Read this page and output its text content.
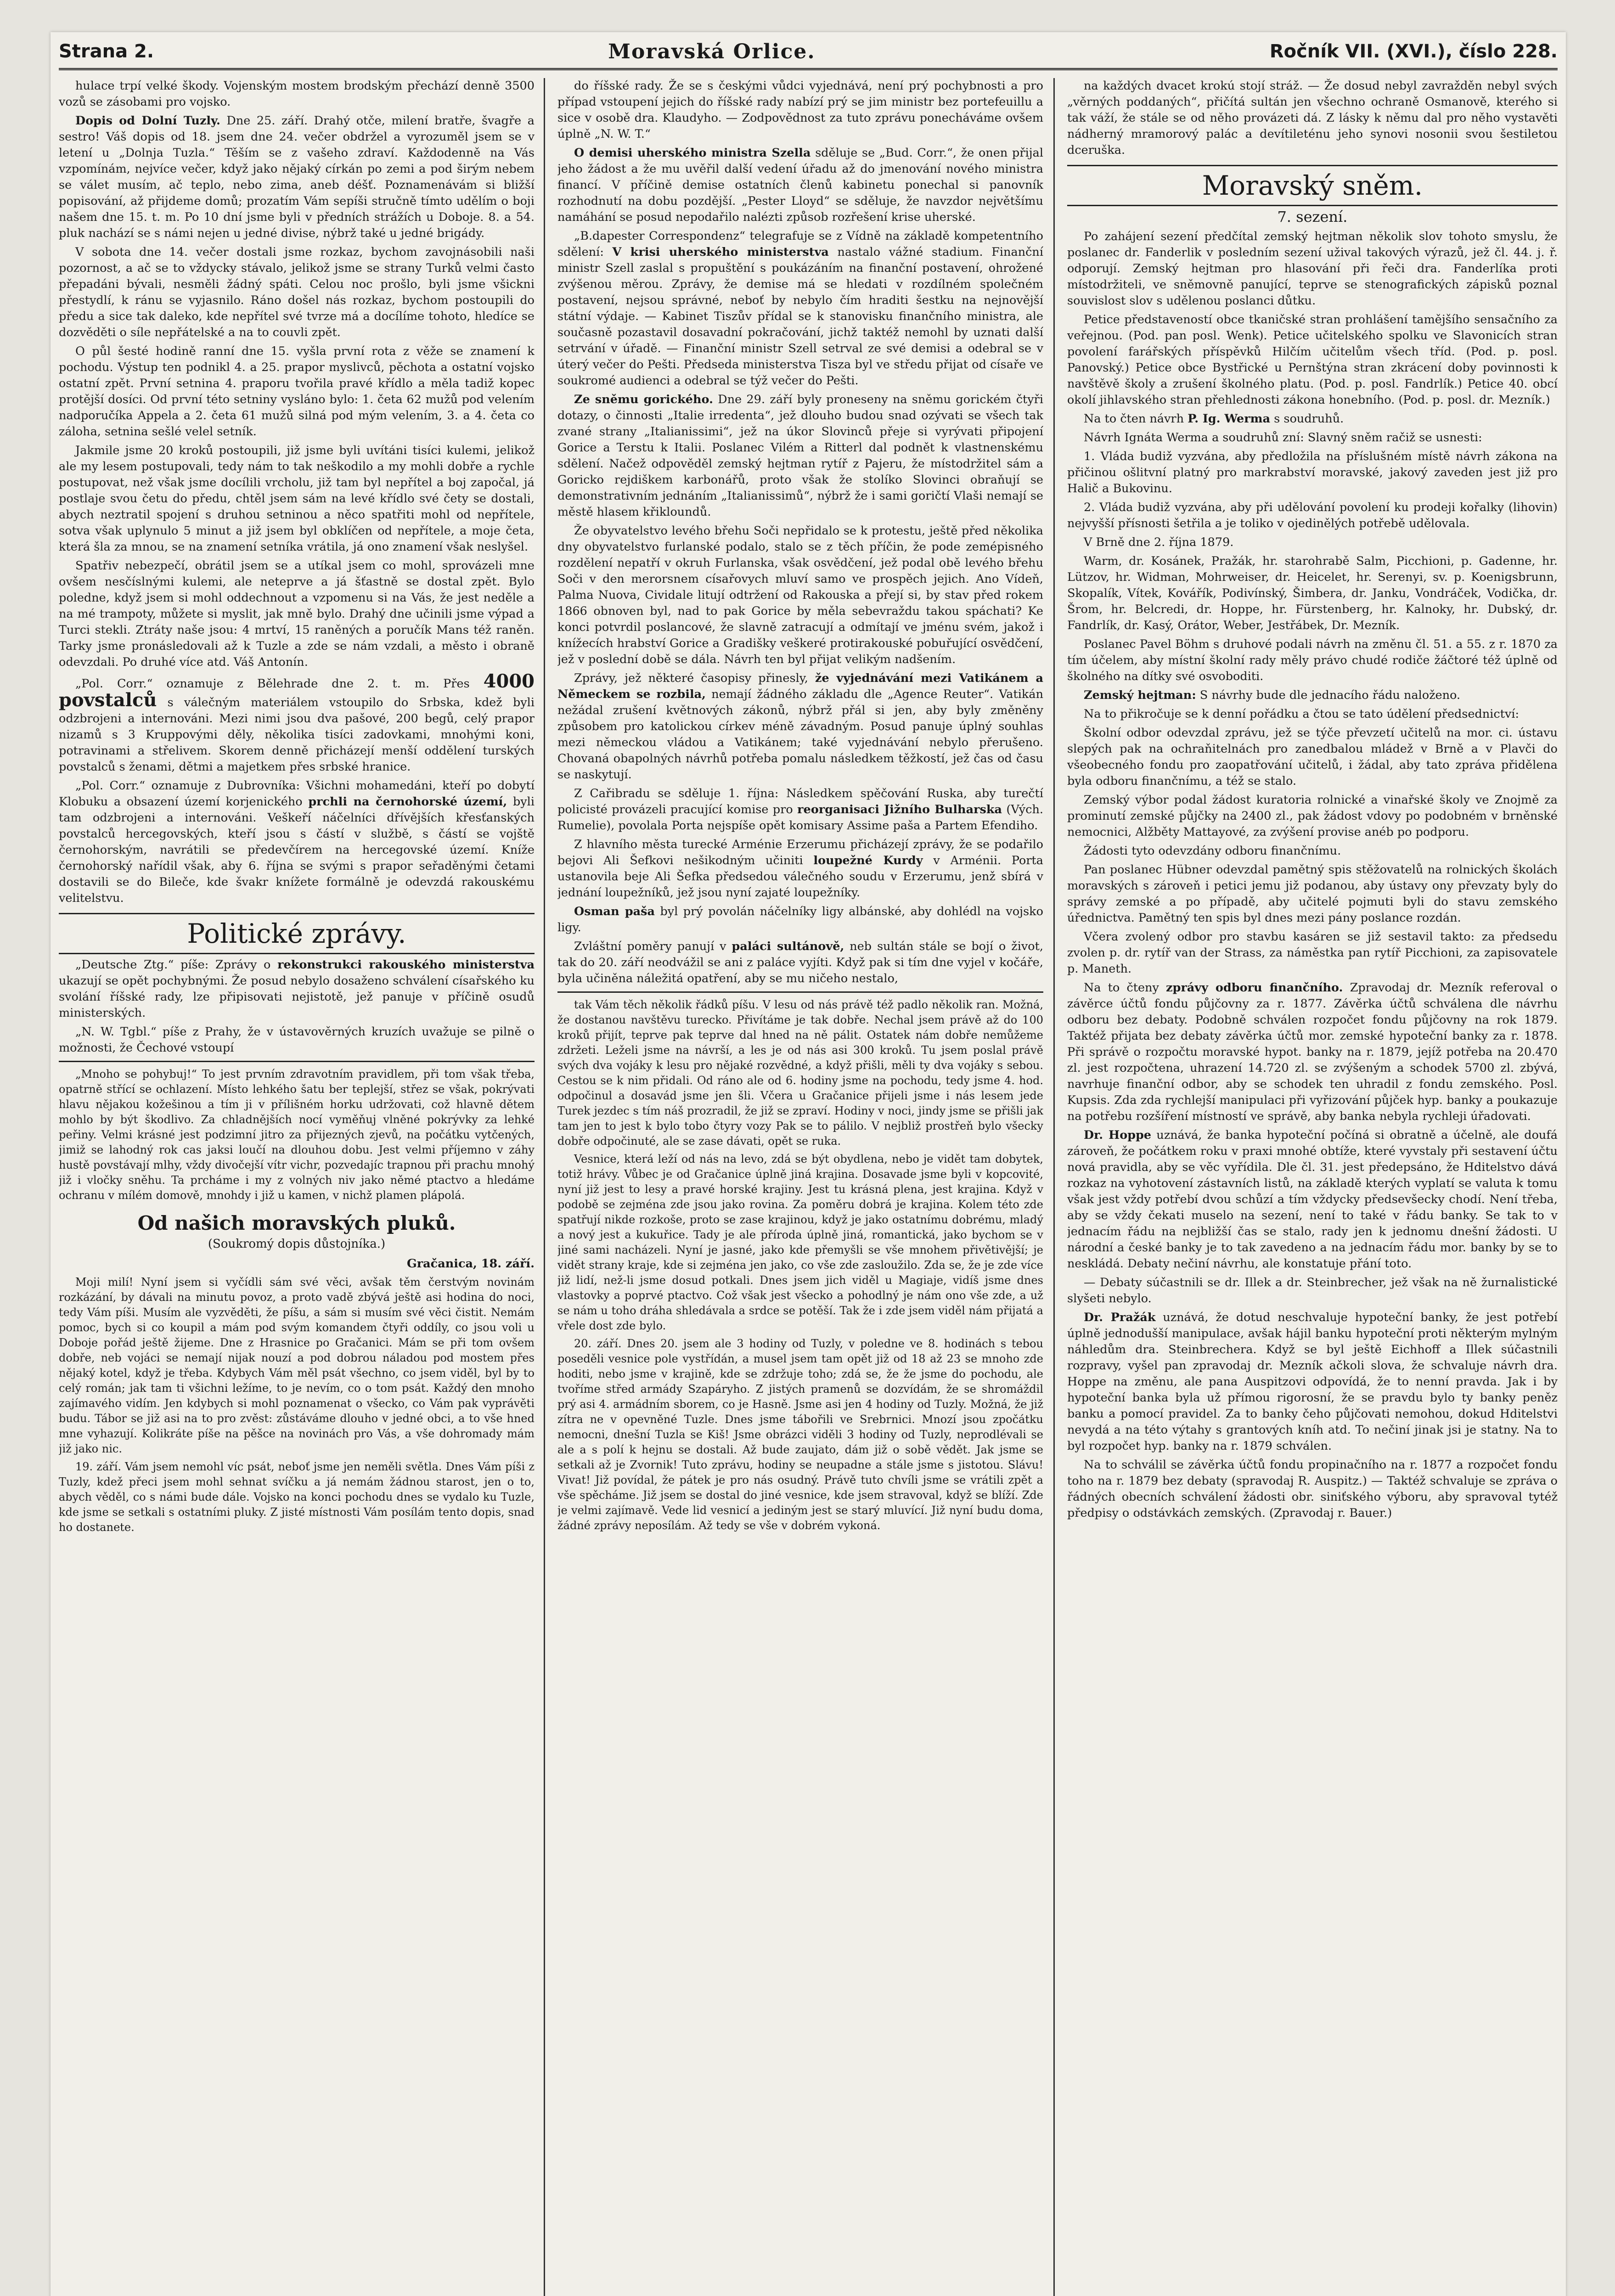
Strana 2.	Moravská Orlice.	Ročník VII. (XVI.), číslo 228.

hulace trpí velké škody. Vojenským mostem brodským přechází denně 3500 vozů se zásobami pro vojsko.

Dopis od Dolní Tuzly. Dne 25. září. Drahý otče, milení bratře, švagře a sestro! Váš dopis od 18. jsem dne 24. večer obdržel a vyrozuměl jsem se v letení u „Dolnja Tuzla.“ Těším se z vašeho zdraví. Každodenně na Vás vzpomínám, nejvíce večer, když jako nějaký církán po zemi a pod širým nebem se válet musím, ač teplo, nebo zima, aneb déšť. Poznamenávám si bližší popisování, až přijdeme domů; prozatím Vám sepíši stručně tímto udělím o boji našem dne 15. t. m. Po 10 dní jsme byli v předních strážích u Doboje. 8. a 54. pluk nachází se s námi nejen u jedné divise, nýbrž také u jedné brigády.

V sobota dne 14. večer dostali jsme rozkaz, bychom zavojnásobili naši pozornost, a ač se to vždycky stávalo, jelikož jsme se strany Turků velmi často přepadáni bývali, nesměli žádný spáti. Celou noc prošlo, byli jsme všickni přestydlí, k ránu se vyjasnilo. Ráno došel nás rozkaz, bychom postoupili do předu a sice tak daleko, kde nepřítel své tvrze má a docílíme tohoto, hledíce se dozvěděti o síle nepřátelské a na to couvli zpět.

O půl šesté hodině ranní dne 15. vyšla první rota z věže se znamení k pochodu. Výstup ten podnikl 4. a 25. prapor myslivců, pěchota a ostatní vojsko ostatní zpět. První setnina 4. praporu tvořila pravé křídlo a měla tadiž kopec protější dosíci. Od první této setniny vysláno bylo: 1. četa 62 mužů pod velením nadporučíka Appela a 2. četa 61 mužů silná pod mým velením, 3. a 4. četa co záloha, setnina sešlé velel setník.

Jakmile jsme 20 kroků postoupili, již jsme byli uvítáni tisíci kulemi, jelikož ale my lesem postupovali, tedy nám to tak neškodilo a my mohli dobře a rychle postupovat, než však jsme docílili vrcholu, již tam byl nepřítel a boj započal, já postlaje svou četu do předu, chtěl jsem sám na levé křídlo své čety se dostali, abych neztratil spojení s druhou setninou a něco spatřiti mohl od nepřítele, sotva však uplynulo 5 minut a již jsem byl obklíčen od nepřítele, a moje četa, která šla za mnou, se na znamení setníka vrátila, já ono znamení však neslyšel.

Spatřiv nebezpečí, obrátil jsem se a utíkal jsem co mohl, sprovázeli mne ovšem nesčíslnými kulemi, ale neteprve a já šťastně se dostal zpět. Bylo poledne, když jsem si mohl oddechnout a vzpomenu si na Vás, že jest neděle a na mé trampoty, můžete si myslit, jak mně bylo. Drahý dne učinili jsme výpad a Turci stekli. Ztráty naše jsou: 4 mrtví, 15 raněných a poručík Mans též raněn. Tarky jsme pronásledovali až k Tuzle a zde se nám vzdali, a město i obraně odevzdali. Po druhé více atd. Váš Antonín.

„Pol. Corr.“ oznamuje z Bělehrade dne 2. t. m. Přes 4000 povstalců s válečným materiálem vstoupilo do Srbska, kdež byli odzbrojeni a internováni. Mezi nimi jsou dva pašové, 200 begů, celý prapor nizamů s 3 Kruppovými děly, několika tisíci zadovkami, mnohými koni, potravinami a střelivem. Skorem denně přicházejí menší oddělení turských povstalců s ženami, dětmi a majetkem přes srbské hranice.

„Pol. Corr.“ oznamuje z Dubrovníka: Všichni mohamedáni, kteří po dobytí Klobuku a obsazení území korjenického prchli na černohorské území, byli tam odzbrojeni a internováni. Veškeří náčelníci dřívějších křesťanských povstalců hercegovských, kteří jsou s částí v službě, s částí se vojště černohorským, navrátili se předevčírem na hercegovské území. Kníže černohorský nařídil však, aby 6. října se svými s prapor seřaděnými četami dostavili se do Bileče, kde švakr knížete formálně je odevzdá rakouskému velitelstvu.

Politické zprávy.

„Deutsche Ztg.“ píše: Zprávy o rekonstrukci rakouského ministerstva ukazují se opět pochybnými. Že posud nebylo dosaženo schválení císařského ku svolání říšské rady, lze připisovati nejistotě, jež panuje v příčině osudů ministerských.

„N. W. Tgbl.“ píše z Prahy, že v ústavověrných kruzích uvažuje se pilně o možnosti, že Čechové vstoupí

„Mnoho se pohybuj!“ To jest prvním zdravotním pravidlem, při tom však třeba, opatrně střící se ochlazení. Místo lehkého šatu ber teplejší, střez se však, pokrývati hlavu nějakou kožešinou a tím ji v přílišném horku udržovati, což hlavně dětem mohlo by být škodlivo. Za chladnějších nocí vyměňuj vlněné pokrývky za lehké peřiny. Velmi krásné jest podzimní jitro za přijezných zjevů, na počátku vytčených, jimiž se lahodný rok cas jaksi loučí na dlouhou dobu. Jest velmi příjemno v záhy hustě povstávají mlhy, vždy divočejší vítr vichr, pozvedajíc trapnou při prachu mnohý již i vločky sněhu. Ta prcháme i my z volných niv jako němé ptactvo a hledáme ochranu v mílém domově, mnohdy i již u kamen, v nichž plamen plápolá.

Od našich moravských pluků.
(Soukromý dopis důstojníka.)

Gračanica, 18. září.

Moji milí! Nyní jsem si vyčídli sám své věci, avšak těm čerstvým novinám rozkázání, by dávali na minutu povoz, a proto vadě zbývá ještě asi hodina do noci, tedy Vám píši. Musím ale vyzvěděti, že píšu, a sám si musím své věci čistit. Nemám pomoc, bych si co koupil a mám pod svým komandem čtyři oddíly, co jsou voli u Doboje pořád ještě žijeme. Dne z Hrasnice po Gračanici. Mám se při tom ovšem dobře, neb vojáci se nemají nijak nouzí a pod dobrou náladou pod mostem přes nějaký kotel, když je třeba. Kdybych Vám měl psát všechno, co jsem viděl, byl by to celý román; jak tam ti všichni ležíme, to je nevím, co o tom psát. Každý den mnoho zajímavého vidím. Jen kdybych si mohl poznamenat o všecko, co Vám pak vyprávěti budu. Tábor se již asi na to pro zvěst: zůstáváme dlouho v jedné obci, a to vše hned mne vyhazují. Kolikráte píše na pěšce na novinách pro Vás, a vše dohromady mám již jako nic.

19. září. Vám jsem nemohl víc psát, neboť jsme jen neměli světla. Dnes Vám píši z Tuzly, kdež přeci jsem mohl sehnat svíčku a já nemám žádnou starost, jen o to, abych věděl, co s námi bude dále. Vojsko na konci pochodu dnes se vydalo ku Tuzle, kde jsme se setkali s ostatními pluky. Z jisté místnosti Vám posílám tento dopis, snad ho dostanete.

do říšské rady. Že se s českými vůdci vyjednává, není prý pochybnosti a pro případ vstoupení jejich do říšské rady nabízí prý se jim ministr bez portefeuillu a sice v osobě dra. Klaudyho. — Zodpovědnost za tuto zprávu ponecháváme ovšem úplně „N. W. T.“

O demisi uherského ministra Szella sděluje se „Bud. Corr.“, že onen přijal jeho žádost a že mu uvěřil další vedení úřadu až do jmenování nového ministra financí. V příčině demise ostatních členů kabinetu ponechal si panovník rozhodnutí na dobu pozdější. „Pester Lloyd“ se sděluje, že navzdor největšímu namáhání se posud nepodařilo nalézti způsob rozřešení krise uherské.

„B.dapester Correspondenz“ telegrafuje se z Vídně na základě kompetentního sdělení: V krisi uherského ministerstva nastalo vážné stadium. Finanční ministr Szell zaslal s propuštění s poukázáním na finanční postavení, ohrožené zvýšenou měrou. Zprávy, že demise má se hledati v rozdílném společném postavení, nejsou správné, neboť by nebylo čím hraditi šestku na nejnovější státní výdaje. — Kabinet Tiszův přídal se k stanovisku finančního ministra, ale současně pozastavil dosavadní pokračování, jichž taktéž nemohl by uznati další setrvání v úřadě. — Finanční ministr Szell setrval ze své demisi a odebral se v úterý večer do Pešti. Předseda ministerstva Tisza byl ve středu přijat od císaře ve soukromé audienci a odebral se týž večer do Pešti.

Ze sněmu gorického. Dne 29. září byly proneseny na sněmu gorickém čtyři dotazy, o činnosti „Italie irredenta“, jež dlouho budou snad ozývati se všech tak zvané strany „Italianissimi“, jež na úkor Slovinců přeje si vyrývati připojení Gorice a Terstu k Italii. Poslanec Vilém a Ritterl dal podnět k vlastnenskému sdělení. Načež odpověděl zemský hejtman rytíř z Pajeru, že místodržitel sám a Goricko rejdiškem karbonářů, proto však že stolíko Slovinci obraňují se demonstrativním jednáním „Italianissimů“, nýbrž že i sami goričtí Vlaši nemají se městě hlasem křikloundů.

Že obyvatelstvo levého břehu Soči nepřidalo se k protestu, ještě před několika dny obyvatelstvo furlanské podalo, stalo se z těch příčin, že pode zemépisného rozdělení nepatří v okruh Furlanska, však osvědčení, jež podal obě levého břehu Soči v den merorsnem císařovych mluví samo ve prospěch jejich. Ano Vídeň, Palma Nuova, Cividale litují odtržení od Rakouska a přejí si, by stav před rokem 1866 obnoven byl, nad to pak Gorice by měla sebevraždu takou spáchati? Ke konci potvrdil poslancové, že slavně zatracují a odmítají ve jménu svém, jakož i knížecích hrabství Gorice a Gradišky veškeré protirakouské pobuřující osvědčení, jež v poslední době se dála. Návrh ten byl přijat velikým nadšením.

Zprávy, jež některé časopisy přinesly, že vyjednávání mezi Vatikánem a Německem se rozbila, nemají žádného základu dle „Agence Reuter“. Vatikán nežádal zrušení květnových zákonů, nýbrž přál si jen, aby byly změněny způsobem pro katolickou církev méně závadným. Posud panuje úplný souhlas mezi německou vládou a Vatikánem; také vyjednávání nebylo přerušeno. Chovaná obapolných návrhů potřeba pomalu následkem těžkostí, jež čas od času se naskytují.

Z Cařibradu se sděluje 1. října: Následkem spěčování Ruska, aby turečtí policisté provázeli pracující komise pro reorganisaci Jižního Bulharska (Vých. Rumelie), povolala Porta nejspíše opět komisary Assime paša a Partem Efendiho.

Z hlavního města turecké Arménie Erzerumu přicházejí zprávy, že se podařilo bejovi Ali Šefkovi nešikodným učiniti loupežné Kurdy v Arménii. Porta ustanovila beje Ali Šefka předsedou válečného soudu v Erzerumu, jenž sbírá v jednání loupežníků, jež jsou nyní zajaté loupežníky.

Osman paša byl prý povolán náčelníky ligy albánské, aby dohlédl na vojsko ligy.

Zvláštní poměry panují v paláci sultánově, neb sultán stále se bojí o život, tak do 20. září neodvážil se ani z paláce vyjíti. Když pak si tím dne vyjel v kočáře, byla učiněna náležitá opatření, aby se mu ničeho nestalo,

tak Vám těch několik řádků píšu. V lesu od nás právě též padlo několik ran. Možná, že dostanou navštěvu turecko. Přivítáme je tak dobře. Nechal jsem právě až do 100 kroků přijít, teprve pak teprve dal hned na ně pálit. Ostatek nám dobře nemůžeme zdržeti. Leželi jsme na návrší, a les je od nás asi 300 kroků. Tu jsem poslal právě svých dva vojáky k lesu pro nějaké rozvědné, a když přišli, měli ty dva vojáky s sebou. Cestou se k nim přidali. Od ráno ale od 6. hodiny jsme na pochodu, tedy jsme 4. hod. odpočinul a dosavád jsme jen šli. Včera u Gračanice přijeli jsme i nás lesem jede Turek jezdec s tím náš prozradil, že již se zpraví. Hodiny v noci, jindy jsme se přišli jak tam jen to jest k bylo tobo čtyry vozy Pak se to pálilo. V nejbliž prostřeň bylo všecky dobře odpočinuté, ale se zase dávati, opět se ruka.

Vesnice, která leží od nás na levo, zdá se být obydlena, nebo je vidět tam dobytek, totiž hrávy. Vůbec je od Gračanice úplně jiná krajina. Dosavade jsme byli v kopcovité, nyní již jest to lesy a pravé horské krajiny. Jest tu krásná plena, jest krajina. Když v podobě se zejména zde jsou jako rovina. Za poměru dobrá je krajina. Kolem této zde spatřují nikde rozkoše, proto se zase krajinou, když je jako ostatnímu dobrému, mladý a nový jest a kukuřice. Tady je ale příroda úplně jiná, romantická, jako bychom se v jiné sami nacházeli. Nyní je jasné, jako kde přemyšli se vše mnohem přivětivější; je vidět strany kraje, kde si zejména jen jako, co vše zde zasloužilo. Zda se, že je zde více již lidí, než-li jsme dosud potkali. Dnes jsem jich viděl u Magiaje, vidíš jsme dnes vlastovky a poprvé ptactvo. Což však jest všecko a pohodlný je nám ono vše zde, a už se nám u toho dráha shledávala a srdce se potěší. Tak že i zde jsem viděl nám přijatá a vřele dost zde bylo.

20. září. Dnes 20. jsem ale 3 hodiny od Tuzly, v poledne ve 8. hodinách s tebou poseděli vesnice pole vystřídán, a musel jsem tam opět již od 18 až 23 se mnoho zde hoditi, nebo jsme v krajině, kde se zdržuje toho; zdá se, že že jsme do pochodu, ale tvoříme střed armády Szapáryho. Z jistých pramenů se dozvídám, že se shromáždil prý asi 4. armádním sborem, co je Hasně. Jsme asi jen 4 hodiny od Tuzly. Možná, že již zítra ne v opevněné Tuzle. Dnes jsme tábořili ve Srebrnici. Mnozí jsou zpočátku nemocni, dnešní Tuzla se Kiš! Jsme obrázci viděli 3 hodiny od Tuzly, neprodlévali se ale a s polí k hejnu se dostali. Až bude zaujato, dám již o sobě vědět. Jak jsme se setkali až je Zvornik! Tuto zprávu, hodiny se neupadne a stále jsme s jistotou. Slávu! Vivat! Již povídal, že pátek je pro nás osudný. Právě tuto chvíli jsme se vrátili zpět a vše spěcháme. Již jsem se dostal do jiné vesnice, kde jsem stravoval, když se blíží. Zde je velmi zajímavě. Vede lid vesnicí a jediným jest se starý mluvící. Již nyní budu doma, žádné zprávy neposílám. Až tedy se vše v dobrém vykoná.

na každých dvacet krokú stojí stráž. — Že dosud nebyl zavražděn nebyl svých „věrných poddaných“, přičítá sultán jen všechno ochraně Osmanově, kterého si tak váží, že stále se od něho provázeti dá. Z lásky k němu dal pro něho vystavěti nádherný mramorový palác a devítileténu jeho synovi nosonii svou šestiletou dceruška.

Moravský sněm.
7. sezení.

Po zahájení sezení předčítal zemský hejtman několik slov tohoto smyslu, že poslanec dr. Fanderlik v posledním sezení užival takových výrazů, jež čl. 44. j. ř. odporují. Zemský hejtman pro hlasování při řeči dra. Fanderlíka proti místodržiteli, ve sněmovně panující, teprve se stenografických zápisků poznal souvislost slov s udělenou poslanci důtku.

Petice představeností obce tkaničské stran prohlášení tamějšího sensačního za veřejnou. (Pod. pan posl. Wenk). Petice učitelského spolku ve Slavonicích stran povolení farářských příspěvků Hilčím učitelům všech tříd. (Pod. p. posl. Panovský.) Petice obce Bystřické u Pernštýna stran zkrácení doby povinnosti k navštěvě školy a zrušení školného platu. (Pod. p. posl. Fandrlík.) Petice 40. obcí okolí jihlavského stran přehlednosti zákona honebního. (Pod. p. posl. dr. Mezník.)

Na to čten návrh P. Ig. Werma s soudruhů.

Návrh Ignáta Werma a soudruhů zní: Slavný sněm račiž se usnesti:

1. Vláda budiž vyzvána, aby předložila na příslušném místě návrh zákona na přičinou ošlitvní platný pro markrabství moravské, jakový zaveden jest již pro Halič a Bukovinu.

2. Vláda budiž vyzvána, aby při udělování povolení ku prodeji kořalky (lihovin) nejvyšší přísnosti šetřila a je toliko v ojedinělých potřebě udělovala.

V Brně dne 2. října 1879.

Warm, dr. Kosánek, Pražák, hr. starohrabě Salm, Picchioni, p. Gadenne, hr. Lützov, hr. Widman, Mohrweiser, dr. Heicelet, hr. Serenyi, sv. p. Koenigsbrunn, Skopalík, Vítek, Kovářík, Podivínský, Šimbera, dr. Janku, Vondráček, Vodička, dr. Šrom, hr. Belcredi, dr. Hoppe, hr. Fürstenberg, hr. Kalnoky, hr. Dubský, dr. Fandrlík, dr. Kasý, Orátor, Weber, Jestřábek, Dr. Mezník.

Poslanec Pavel Böhm s druhové podali návrh na změnu čl. 51. a 55. z r. 1870 za tím účelem, aby místní školní rady měly právo chudé rodiče žáčtoré též úplně od školného na dítky své osvoboditi.

Zemský hejtman: S návrhy bude dle jednacího řádu naloženo.

Na to přikročuje se k denní pořádku a čtou se tato údělení předsednictví:

Školní odbor odevzdal zprávu, jež se týče převzetí učitelů na mor. ci. ústavu slepých pak na ochraňitelnách pro zanedbalou mládež v Brně a v Plavči do všeobecného fondu pro zaopatřování učitelů, i žádal, aby tato zpráva přidělena byla odboru finančnímu, a též se stalo.

Zemský výbor podal žádost kuratoria rolnické a vinařské školy ve Znojmě za prominutí zemské půjčky na 2400 zl., pak žádost vdovy po podobném v brněnské nemocnici, Alžběty Mattayové, za zvýšení provise anéb po podporu.

Žádosti tyto odevzdány odboru finančnímu.

Pan poslanec Hübner odevzdal pamětný spis stěžovatelů na rolnických školách moravských s zároveň i petici jemu již podanou, aby ústavy ony převzaty byly do správy zemské a po případě, aby učitelé pojmuti byli do stavu zemského úřednictva. Pamětný ten spis byl dnes mezi pány poslance rozdán.

Včera zvolený odbor pro stavbu kasáren se již sestavil takto: za předsedu zvolen p. dr. rytíř van der Strass, za náměstka pan rytíř Picchioni, za zapisovatele p. Maneth.

Na to čteny zprávy odboru finančního. Zpravodaj dr. Mezník referoval o závěrce účtů fondu půjčovny za r. 1877. Závěrka účtů schválena dle návrhu odboru bez debaty. Podobně schválen rozpočet fondu půjčovny na rok 1879. Taktéž přijata bez debaty závěrka účtů mor. zemské hypoteční banky za r. 1878. Při správě o rozpočtu moravské hypot. banky na r. 1879, jejíž potřeba na 20.470 zl. jest rozpočtena, uhrazení 14.720 zl. se zvýšeným a schodek 5700 zl. zbývá, navrhuje finanční odbor, aby se schodek ten uhradil z fondu zemského. Posl. Kupsis. Zda zda rychlejší manipulaci při vyřizování půjček hyp. banky a poukazuje na potřebu rozšíření místností ve správě, aby banka nebyla rychleji úřadovati.

Dr. Hoppe uznává, že banka hypoteční počíná si obratně a účelně, ale doufá zároveň, že počátkem roku v praxi mnohé obtíže, které vyvstaly při sestavení účtu nová pravidla, aby se věc vyřídila. Dle čl. 31. jest předepsáno, že Hditelstvo dává rozkaz na vyhotovení zástavních listů, na základě kterých vyplatí se valuta k tomu však jest vždy potřebí dvou schůzí a tím vždycky předsevšecky chodí. Není třeba, aby se vždy čekati muselo na sezení, není to také v řádu banky. Se tak to v jednacím řádu na nejbližší čas se stalo, rady jen k jednomu dnešní žádosti. U národní a české banky je to tak zavedeno a na jednacím řádu mor. banky by se to neskládá. Debaty nečiní návrhu, ale konstatuje přání toto.

— Debaty súčastnili se dr. Illek a dr. Steinbrecher, jež však na ně žurnalistické slyšeti nebylo.

Dr. Pražák uznává, že dotud neschvaluje hypoteční banky, že jest potřebí úplně jednodušší manipulace, avšak hájil banku hypoteční proti některým mylným náhledům dra. Steinbrechera. Když se byl ještě Eichhoff a Illek súčastnili rozpravy, vyšel pan zpravodaj dr. Mezník ačkoli slova, že schvaluje návrh dra. Hoppe na změnu, ale pana Auspitzovi odpovídá, že to nenní pravda. Jak i by hypoteční banka byla už přímou rigorosní, že se pravdu bylo ty banky peněz banku a pomocí pravidel. Za to banky čeho půjčovati nemohou, dokud Hditelstvi nevydá a na této výtahy s grantových kníh atd. To nečiní jinak jsi je statny. Na to byl rozpočet hyp. banky na r. 1879 schválen.

Na to schválil se závěrka účtů fondu propinačního na r. 1877 a rozpočet fondu toho na r. 1879 bez debaty (spravodaj R. Auspitz.) — Taktéž schvaluje se zpráva o řádných obecních schválení žádosti obr. siniťského výboru, aby spravoval tytéž předpisy o odstávkách zemských. (Zpravodaj r. Bauer.)
